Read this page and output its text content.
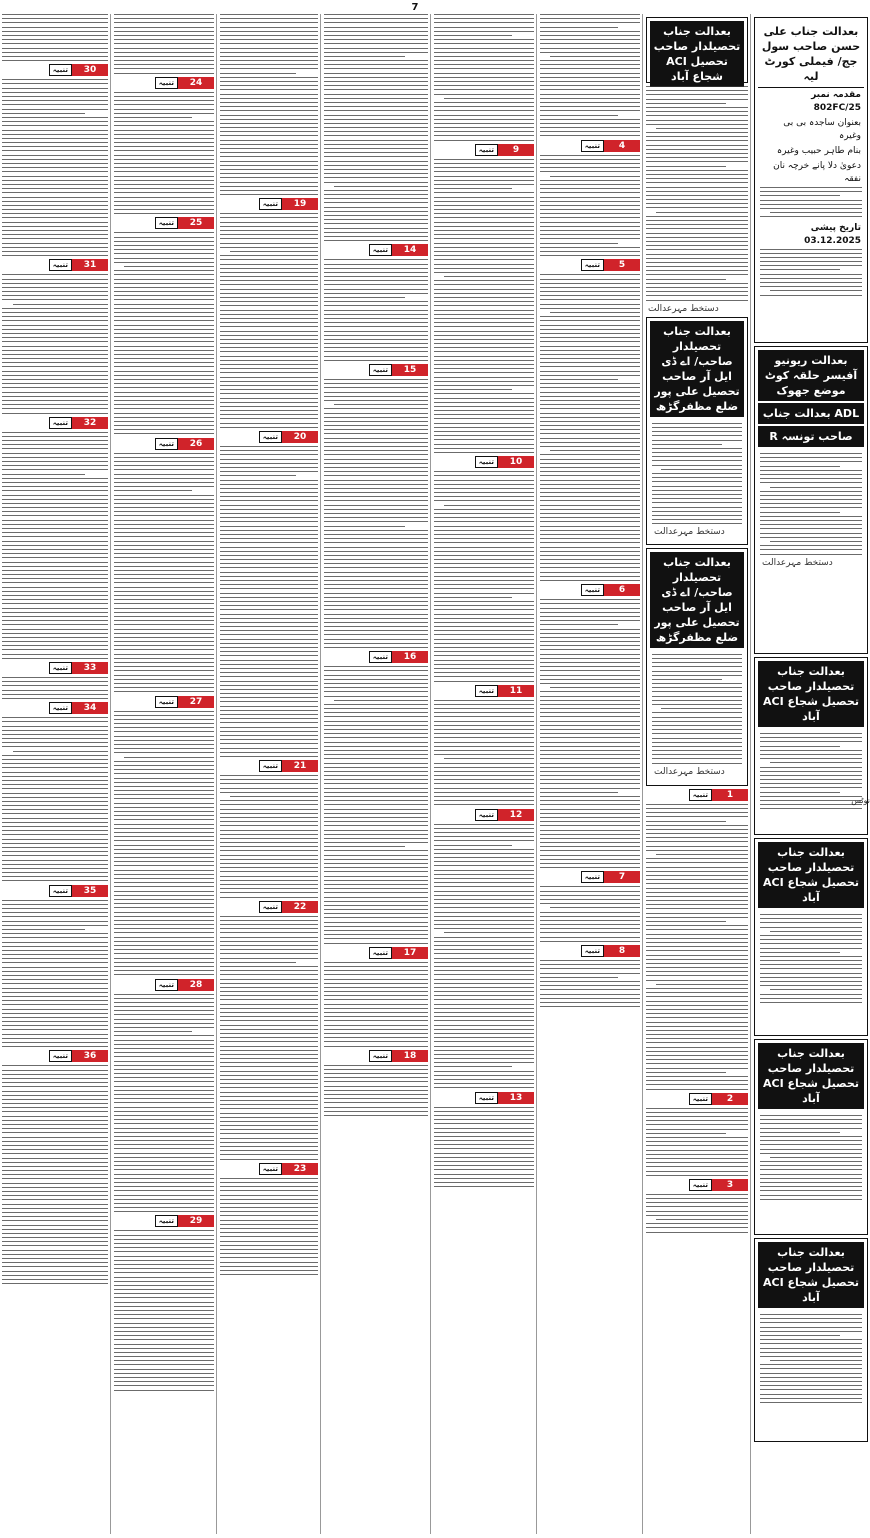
7
بعدالت جناب علی حسن صاحب سول جج/ فیملی کورٹ لیہ
مقدمہ نمبر 802FC/25
بعنوان ساجدہ بی بی وغیرہ
بنام طاہر حبیب وغیرہ
دعویٰ دلا پانے خرچہ نان نفقہ
تاریخ پیشی 03.12.2025
بعدالت ریونیو آفیسر حلقہ کوٹ موضع جھوک
بعدالت جناب ADL
R صاحب تونسہ
دستخط مہرعدالت
بعدالت جناب تحصیلدار صاحب ACI تحصیل شجاع آباد
بعدالت جناب تحصیلدار صاحب ACI تحصیل شجاع آباد
بعدالت جناب تحصیلدار صاحب ACI تحصیل شجاع آباد
بعدالت جناب تحصیلدار صاحب ACI تحصیل شجاع آباد
نوٹس
بعدالت جناب تحصیلدار صاحب ACI تحصیل شجاع آباد
دستخط مہرعدالت
بعدالت جناب تحصیلدار صاحب/ اے ڈی ایل آر صاحب تحصیل علی پور ضلع مظفرگڑھ
دستخط مہرعدالت
بعدالت جناب تحصیلدار صاحب/ اے ڈی ایل آر صاحب تحصیل علی پور ضلع مظفرگڑھ
دستخط مہرعدالت
تنبیہ	1
تنبیہ	2
تنبیہ	3
تنبیہ	4
تنبیہ	5
تنبیہ	6
تنبیہ	7
تنبیہ	8
تنبیہ	9
تنبیہ	10
تنبیہ	11
تنبیہ	12
تنبیہ	13
تنبیہ	14
تنبیہ	15
تنبیہ	16
تنبیہ	17
تنبیہ	18
تنبیہ	19
تنبیہ	20
تنبیہ	21
تنبیہ	22
تنبیہ	23
تنبیہ	24
تنبیہ	25
تنبیہ	26
تنبیہ	27
تنبیہ	28
تنبیہ	29
تنبیہ	30
تنبیہ	31
تنبیہ	32
تنبیہ	33
تنبیہ	34
تنبیہ	35
تنبیہ	36
